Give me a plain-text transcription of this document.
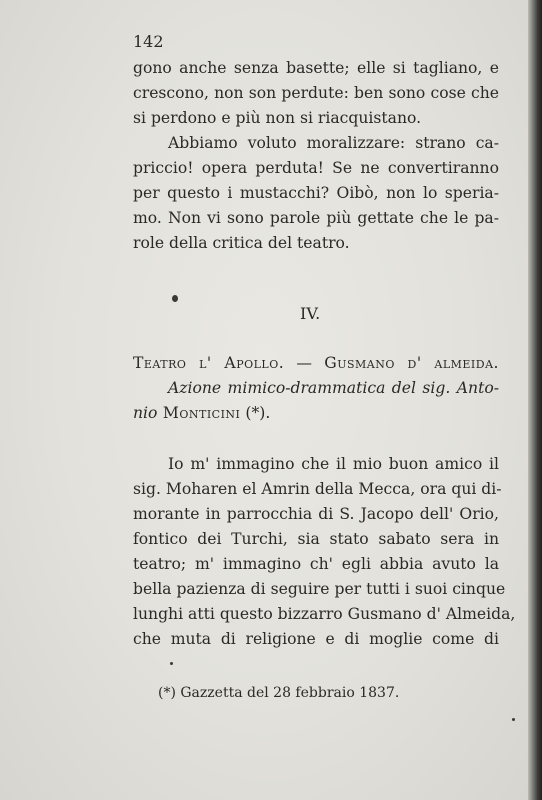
142
gono anche senza basette; elle si tagliano, e
crescono, non son perdute: ben sono cose che
si perdono e più non si riacquistano.
Abbiamo voluto moralizzare: strano ca-
priccio! opera perduta! Se ne convertiranno
per questo i mustacchi? Oibò, non lo speria-
mo. Non vi sono parole più gettate che le pa-
role della critica del teatro.
IV.
Teatro l' Apollo. — Gusmano d' almeida.
Azione mimico-drammatica del sig. Anto-
nio Monticini (*).
Io m' immagino che il mio buon amico il
sig. Moharen el Amrin della Mecca, ora qui di-
morante in parrocchia di S. Jacopo dell' Orio,
fontico dei Turchi, sia stato sabato sera in
teatro; m' immagino ch' egli abbia avuto la
bella pazienza di seguire per tutti i suoi cinque
lunghi atti questo bizzarro Gusmano d' Almeida,
che muta di religione e di moglie come di
(*) Gazzetta del 28 febbraio 1837.
